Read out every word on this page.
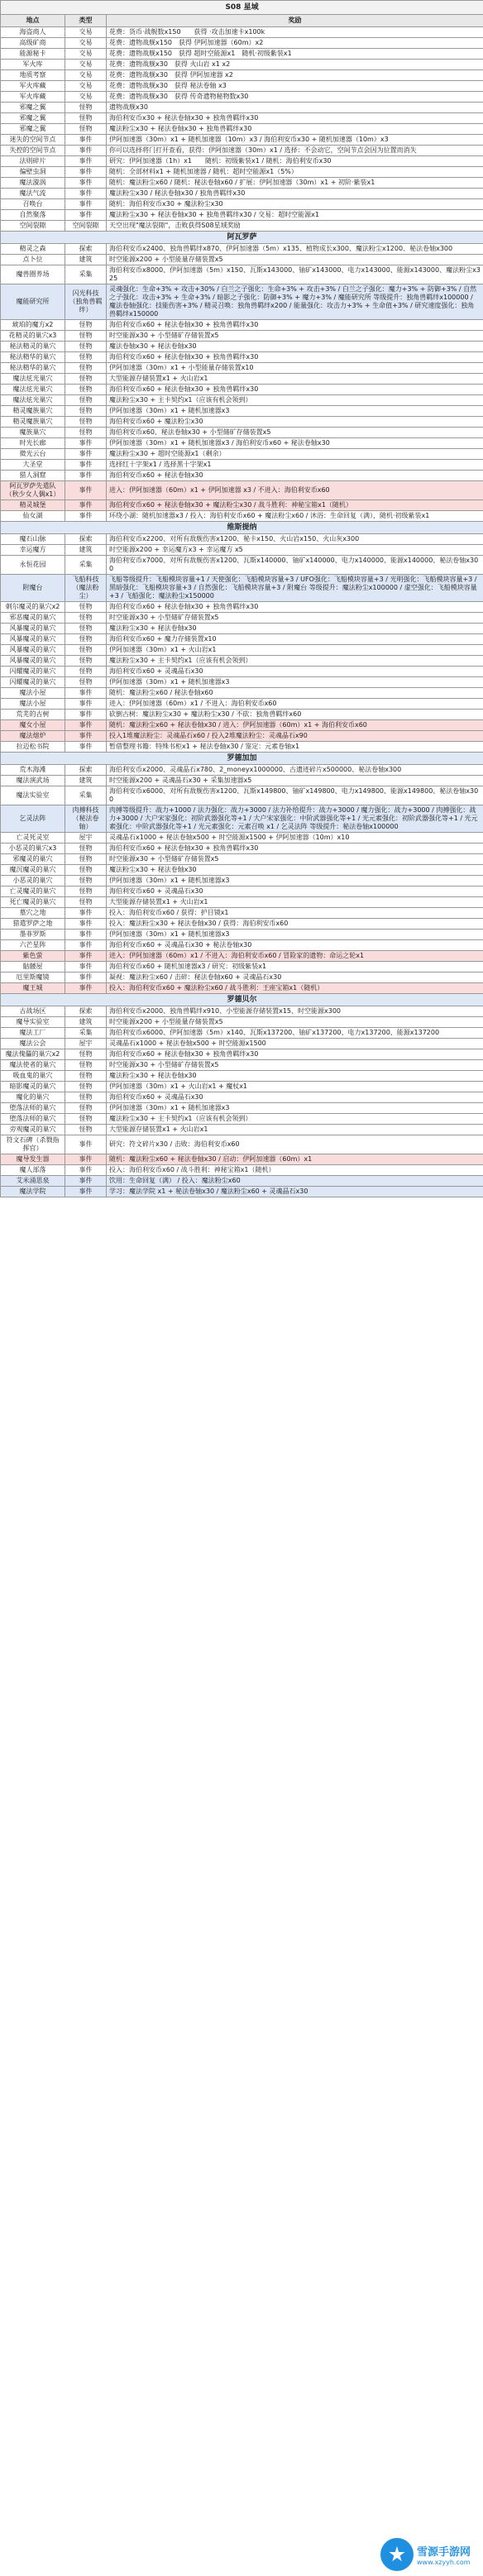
S08 星域		
地点	类型	奖励
海盗商人	交易	花费：货币·战舰数x150　　获得 ·攻击加速卡x100k
高级矿商	交易	花费：遗物战舰x150　获得 伊阿加速器（60m）x2
能源秘卡	交易	花费：遗物战舰x150　获得 超时空能源x1　随机·初级紫装x1
军火库	交易	花费：遗物战舰x30　获得 火山岩 x1 x2
地质考察	交易	花费：遗物战舰x30　获得 伊阿加速器 x2
军火库藏	交易	花费：遗物战舰x30　获得 秘法卷轴 x3
军火库藏	交易	花费：遗物战舰x30　获得 传奇遗物秘物数x30
邪魔之翼	怪物	遗物战舰x30
邪魔之翼	怪物	海伯利安币x30 + 秘法卷轴x30 + 独角兽羁绊x30
邪魔之翼	怪物	魔法粉尘x30 + 秘法卷轴x30 + 独角兽羁绊x30
迷失的空间节点	事件	伊阿加速器（30m）x1 + 随机加速器（10m）x3 / 海伯利安币x30 + 随机加速器（10m）x3
失控的空间节点	事件	你可以选择将门打开查看，获得：伊阿加速器（30m）x1 / 选择：不会动它，空间节点会因为位置而消失
法则碎片	事件	研究：伊阿加速器（1h）x1　　随机：初级紫装x1 / 随机：海伯利安币x30
偏壁虫洞	事件	随机：全部材料x1 + 随机加速器 / 随机：超时空能源x1（5%）
魔法漩涡	事件	随机：魔法粉尘x60 / 随机：秘法卷轴x60 / 扩展：伊阿加速器（30m）x1 + 初阶·紫装x1
魔法气流	事件	魔法粉尘x30 / 秘法卷轴x30 / 独角兽羁绊x30
召唤台	事件	随机：海伯利安币x30 + 魔法粉尘x30
自然聚落	事件	魔法粉尘x30 + 秘法卷轴x30 + 独角兽羁绊x30 / 交易：超时空能源x1
空间裂隙	空间裂隙	天空出现"魔法裂隙"，击败获得S08星域奖励
阿瓦罗萨		
精灵之森	探索	海伯利安币x2400、独角兽羁绊x870、伊阿加速器（5m）x135、植物成长x300、魔法粉尘x1200、秘法卷轴x300
点卜位	建筑	时空能源x200 + 小型能量存储装置x5
魔兽圈养场	采集	海伯利安币x8000、伊阿加速器（5m）x150、瓦斯x143000、铀矿x143000、电力x143000、能源x143000、魔法粉尘x325
魔能研究所	闪光科技（独角兽羁绊）	灵魂强化：生命+3% + 攻击+30% / 白兰之子强化：生命+3% + 攻击+3% / 白兰之子强化：魔力+3% + 防御+3% / 自然之子强化：攻击+3% + 生命+3% / 暗影之子强化：防御+3% + 魔力+3% / 魔能研究所 等级提升：独角兽羁绊x100000 / 魔法卷轴强化：技能伤害+3% / 精灵召唤：独角兽羁绊x200 / 能量强化：攻击力+3% + 生命值+3% / 研究速度强化：独角兽羁绊x150000
琥珀的魔方x2	怪物	海伯利安币x60 + 秘法卷轴x30 + 独角兽羁绊x30
花精灵的巢穴x3	怪物	时空能源x30 + 小型储矿存储装置x5
秘法精灵的巢穴	怪物	魔法卷轴x30 + 秘法卷轴x30
秘法精华的巢穴	怪物	海伯利安币x60 + 秘法卷轴x30 + 独角兽羁绊x30
秘法精华的巢穴	怪物	伊阿加速器（30m）x1 + 小型能量存储装置x10
魔法炫光巢穴	怪物	大型能源存储装置x1 + 火山岩x1
魔法炫光巢穴	怪物	海伯利安币x60 + 秘法卷轴x30 + 独角兽羁绊x30
魔法炫光巢穴	怪物	魔法粉尘x30 + 主卡契约x1（应该有机会领到）
精灵魔族巢穴	怪物	伊阿加速器（30m）x1 + 随机加速器x3
精灵魔族巢穴	怪物	海伯利安币x60 + 魔法粉尘x30
魔族巢穴	怪物	海伯利安币x60、秘法卷轴x30 + 小型储矿存储装置x5
时光长廊	事件	伊阿加速器（30m）x1 + 随机加速器x3 / 海伯利安币x60 + 秘法卷轴x30
微光云台	事件	魔法粉尘x30 + 超时空能源x1（剩余）
大圣堂	事件	选择红十字架x1 / 选择黑十字架x1
猎人洞窟	事件	海伯利安币x60 + 秘法卷轴x30
阿瓦罗萨先遣队（秋少女人偶x1）	事件	进入：伊阿加速器（60m）x1 + 伊阿加速器 x3 / 不进入：海伯利安币x60
精灵城堡	事件	海伯利安币x60 + 秘法卷轴x30 + 魔法粉尘x30 / 战斗胜利：神秘宝箱x1（随机）
仙女湖	事件	环绕小湖：随机加速器x3 / 投入：海伯利安币x60 + 魔法粉尘x60 / 沐浴：生命回复（满），随机·初级紫装x1
维斯提纳		
魔石山脉	探索	海伯利安币x2200、对所有敌舰伤害x1200、秘卡x150、火山岩x150、火山灰x300
幸运魔方	建筑	时空能源x200 + 幸运魔方x3 + 幸运魔方 x5
永恒花园	采集	海伯利安币x7000、对所有敌舰伤害x1200、瓦斯x140000、铀矿x140000、电力x140000、能源x140000、秘法卷轴x300
附魔台	飞船科技（魔法粉尘）	飞船等级提升：飞船模块容量+1 / 天使强化：飞船模块容量+3 / UFO强化：飞船模块容量+3 / 光明强化：飞船模块容量+3 / 黑暗强化：飞船模块容量+3 / 自然强化：飞船模块容量+3 / 附魔台 等级提升：魔法粉尘x100000 / 虚空强化：飞船模块容量+3 / 飞船强化：魔法粉尘x150000
刺尔魔灵的巢穴x2	怪物	海伯利安币x60 + 秘法卷轴x30 + 独角兽羁绊x30
邪恶魔灵的巢穴	怪物	时空能源x30 + 小型储矿存储装置x5
风暴魔灵的巢穴	怪物	魔法粉尘x30 + 秘法卷轴x30
风暴魔灵的巢穴	怪物	海伯利安币x60 + 魔力存储装置x10
风暴魔灵的巢穴	怪物	伊阿加速器（30m）x1 + 火山岩x1
风暴魔灵的巢穴	怪物	魔法粉尘x30 + 主卡契约x1（应该有机会领到）
闪耀魔灵的巢穴	怪物	海伯利安币x60 + 灵魂晶石x30
闪耀魔灵的巢穴	怪物	伊阿加速器（30m）x1 + 随机加速器x3
魔法小屋	事件	随机：魔法粉尘x60 / 秘法卷轴x60
魔法小屋	事件	进入：伊阿加速器（60m）x1 / 不进入：海伯利安币x60
荒芜的古树	事件	砍倒古树：魔法粉尘x30 + 魔法粉尘x30 / 不砍：独角兽羁绊x60
魔女小屋	事件	随机：魔法粉尘x60 + 秘法卷轴x30 / 进入：伊阿加速器（60m）x1 + 海伯利安币x60
魔法熔炉	事件	投入1堆魔法粉尘：灵魂晶石x60 / 投入2堆魔法粉尘：灵魂晶石x90
拉迈松书院	事件	暂借整理书籍：特殊书柜x1 + 秘法卷轴x30 / 鉴定：元素卷轴x1
罗德加加		
荒木海滩	探索	海伯利安币x2000、灵魂晶石x780、2_moneyx1000000、古遗迹碎片x500000、秘法卷轴x300
魔法演武场	建筑	时空能源x200 + 灵魂晶石x30 + 采集加速器x5
魔法实验室	采集	海伯利安币x6000、对所有敌舰伤害x1200、瓦斯x149800、铀矿x149800、电力x149800、能源x149800、秘法卷轴x300
乞灵法阵	肉搏科技（秘法卷轴）	肉搏等级提升：战力+1000 / 法力强化：战力+3000 / 法力补给提升：战力+3000 / 魔力强化：战力+3000 / 肉搏强化：战力+3000 / 大户宋家强化：初阶武器强化等+1 / 大户宋家强化：中阶武器强化等+1 / 光元素强化：初阶武器强化等+1 / 光元素强化：中阶武器强化等+1 / 光元素强化：元素召唤 x1 / 乞灵法阵 等级提升：秘法卷轴x100000
亡灵死灵室	屋宇	灵魂晶石x1000 + 秘法卷轴x500 + 时空能源x1500 + 伊阿加速器（10m）x10
小恶灵的巢穴x3	怪物	海伯利安币x60 + 秘法卷轴x30 + 独角兽羁绊x30
邪魔灵的巢穴	怪物	时空能源x30 + 小型储矿存储装置x5
魔沉魔灵的巢穴	怪物	魔法粉尘x30 + 秘法卷轴x30
小恶灵的巢穴	怪物	伊阿加速器（30m）x1 + 随机加速器x3
亡灵魔灵的巢穴	怪物	海伯利安币x60 + 灵魂晶石x30
死亡魔灵的巢穴	怪物	大型能源存储装置x1 + 火山岩x1
墓穴之地	事件	投入：海伯利安币x60 / 获得：护目镜x1
猎遣罗萨之地	事件	投入：魔法粉尘x30 + 秘法卷轴x30 / 获得：海伯利安币x60
墨菲罗斯	事件	伊阿加速器（30m）x1 + 随机加速器x3
六芒星阵	事件	海伯利安币x60 + 灵魂晶石x30 + 秘法卷轴x30
紫色萤	事件	进入：伊阿加速器（60m）x1 / 不进入：海伯利安币x60 / 冒险家的遗物：命运之轮x1
骷髅屋	事件	海伯利安币x60 + 随机加速器x3 / 研究：初级紫装x1
厄里斯魔镜	事件	凝视：魔法粉尘x60 / 击碎：秘法卷轴x60 + 灵魂晶石x30
魔王城	事件	投入：海伯利安币x60 + 魔法粉尘x60 / 战斗胜利：王座宝箱x1（随机）
罗德贝尔		
古战场区	探索	海伯利安币x2000、独角兽羁绊x910、小型能源存储装置x15、时空能源x300
魔导实验室	建筑	时空能源x200 + 小型能量存储装置x5
魔法工厂	采集	海伯利安币x6000、伊阿加速器（5m）x140、瓦斯x137200、铀矿x137200、电力x137200、能源x137200
魔法公会	屋宇	灵魂晶石x1000 + 秘法卷轴x500 + 时空能源x1500
魔法傀儡的巢穴x2	怪物	海伯利安币x60 + 秘法卷轴x30 + 独角兽羁绊x30
魔法使者的巢穴	怪物	时空能源x30 + 小型储矿存储装置x5
吸血鬼的巢穴	怪物	魔法粉尘x30 + 秘法卷轴x30
暗影魔灵的巢穴	怪物	伊阿加速器（30m）x1 + 火山岩x1 + 魔杖x1
魔化的巢穴	怪物	海伯利安币x60 + 灵魂晶石x30
堕落法师的巢穴	怪物	伊阿加速器（30m）x1 + 随机加速器x3
堕落法师的巢穴	怪物	魔法粉尘x30 + 主卡契约x1（应该有机会领到）
旁观魔灵的巢穴	怪物	大型能源存储装置x1 + 火山岩x1
符文石碑（杀戮指挥官）	事件	研究：符文碎片x30 / 击败：海伯利安币x60
魔导发生器	事件	随机：魔法粉尘x60 + 秘法卷轴x30 / 启动：伊阿加速器（60m）x1
魔人部落	事件	投入：海伯利安币x60 / 战斗胜利：神秘宝箱x1（随机）
艾米涌思泉	事件	饮用：生命回复（满） / 投入：魔法粉尘x60
魔法学院	事件	学习：魔法学院 x1 + 秘法卷轴x30 / 魔法粉尘x60 + 灵魂晶石x30
雪源手游网
www.xzyyh.com
